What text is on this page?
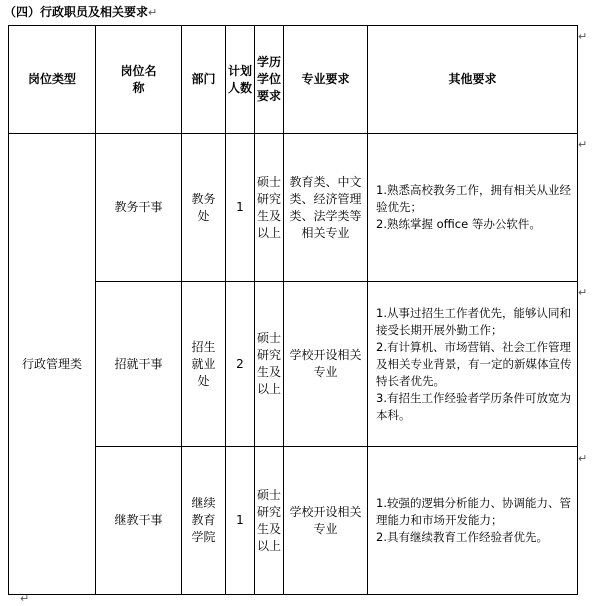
（四）行政职员及相关要求↵
岗位类型	岗位名称	部门	计划人数	学历学位要求	专业要求	其他要求
行政管理类	教务干事	教务处	1	硕士研究生及以上	教育类、中文类、经济管理类、法学类等相关专业	1.熟悉高校教务工作，拥有相关从业经验优先；
2.熟练掌握 office 等办公软件。

	招就干事	招生就业处	2	硕士研究生及以上	学校开设相关专业	1.从事过招生工作者优先，能够认同和接受长期开展外勤工作；
2.有计算机、市场营销、社会工作管理及相关专业背景，有一定的新媒体宣传特长者优先。
3.有招生工作经验者学历条件可放宽为本科。

	继教干事	继续教育学院	1	硕士研究生及以上	学校开设相关专业	1.较强的逻辑分析能力、协调能力、管理能力和市场开发能力；
2.具有继续教育工作经验者优先。
↵
↵
↵
↵
↵
